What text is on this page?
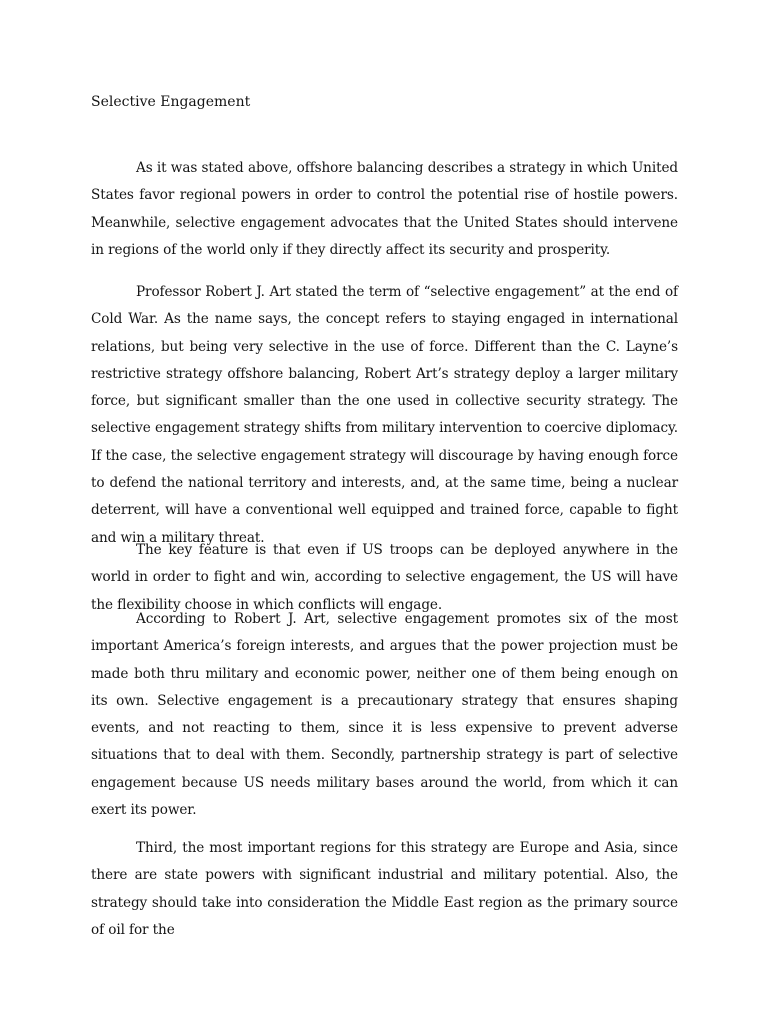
Selective Engagement

As it was stated above, offshore balancing describes a strategy in which United States favor regional powers in order to control the potential rise of hostile powers. Meanwhile, selective engagement advocates that the United States should intervene in regions of the world only if they directly affect its security and prosperity.

Professor Robert J. Art stated the term of “selective engagement” at the end of Cold War. As the name says, the concept refers to staying engaged in international relations, but being very selective in the use of force. Different than the C. Layne’s restrictive strategy offshore balancing, Robert Art’s strategy deploy a larger military force, but significant smaller than the one used in collective security strategy. The selective engagement strategy shifts from military intervention to coercive diplomacy. If the case, the selective engagement strategy will discourage by having enough force to defend the national territory and interests, and, at the same time, being a nuclear deterrent, will have a conventional well equipped and trained force, capable to fight and win a military threat.

The key feature is that even if US troops can be deployed anywhere in the world in order to fight and win, according to selective engagement, the US will have the flexibility choose in which conflicts will engage.

According to Robert J. Art, selective engagement promotes six of the most important America’s foreign interests, and argues that the power projection must be made both thru military and economic power, neither one of them being enough on its own. Selective engagement is a precautionary strategy that ensures shaping events, and not reacting to them, since it is less expensive to prevent adverse situations that to deal with them. Secondly, partnership strategy is part of selective engagement because US needs military bases around the world, from which it can exert its power.

Third, the most important regions for this strategy are Europe and Asia, since there are state powers with significant industrial and military potential. Also, the strategy should take into consideration the Middle East region as the primary source of oil for the
